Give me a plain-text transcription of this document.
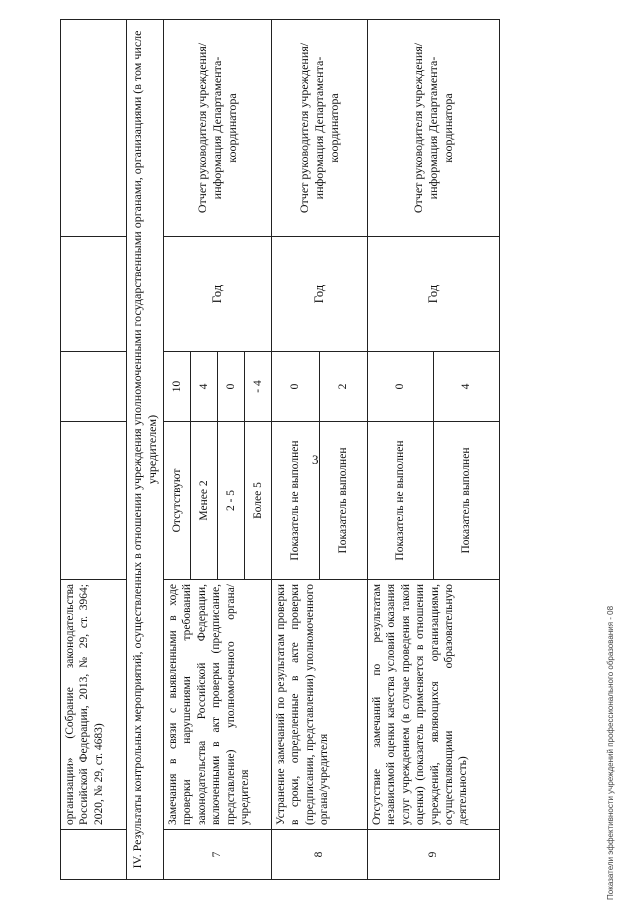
3
	организации» (Собрание законодательства Российской Федерации, 2013, № 29, ст. 3964; 2020, № 29, ст. 4683)				
IV. Результаты контрольных мероприятий, осуществленных в отношении учреждения уполномоченными государственными органами, организациями (в том числе учредителем)					
7	Замечания в связи с выявленными в ходе проверки нарушениями требований законодательства Российской Федерации, включенными в акт проверки (предписание, представление) уполномоченного органа/учредителя	Отсутствуют	10	Год	Отчет руководителя учреждения/информация Департамента-координатора
		Менее 2	4		
		2 - 5	0		
		Более 5	- 4		
8	Устранение замечаний по результатам проверки в сроки, определенные в акте проверки (предписании, представлении) уполномоченного органа/учредителя	Показатель не выполнен	0	Год	Отчет руководителя учреждения/информация Департамента-координатора
		Показатель выполнен	2		
9	Отсутствие замечаний по результатам независимой оценки качества условий оказания услуг учреждением (в случае проведения такой оценки) (показатель применяется в отношении учреждений, являющихся организациями, осуществляющими образовательную деятельность)	Показатель не выполнен	0	Год	Отчет руководителя учреждения/информация Департамента-координатора
		Показатель выполнен	4		
Показатели эффективности учреждений профессионального образования - 08
